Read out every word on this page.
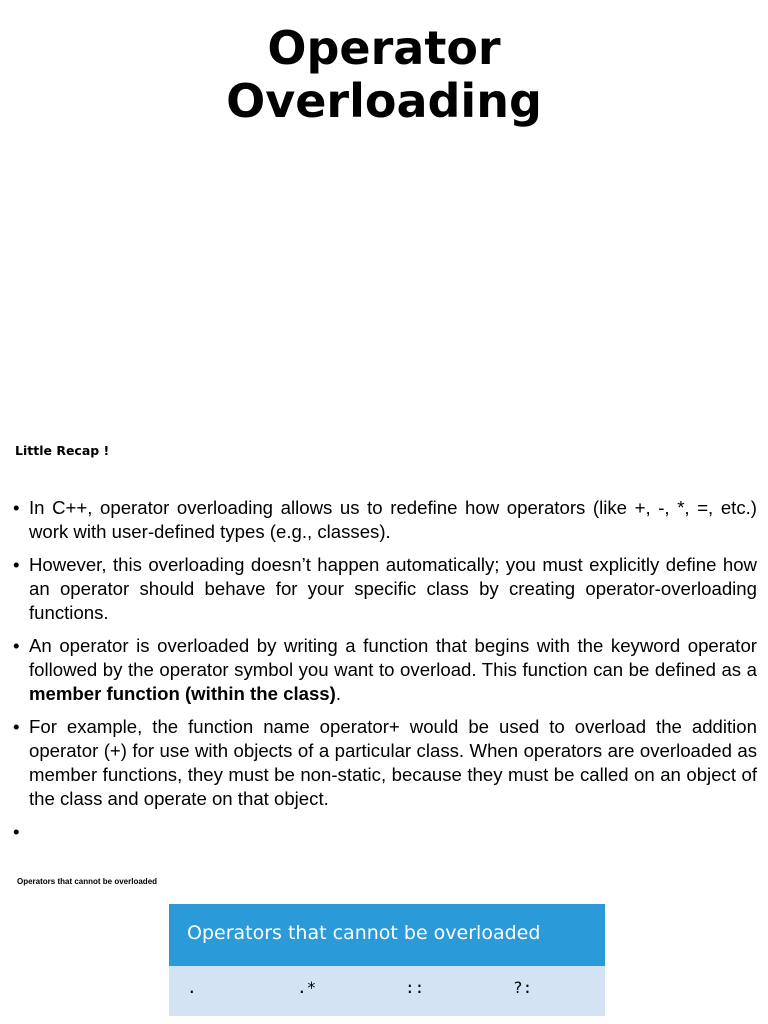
Operator
Overloading
Little Recap !
• In C++, operator overloading allows us to redefine how operators (like +, -, *, =, etc.) work with user-defined types (e.g., classes).
• However, this overloading doesn’t happen automatically; you must explicitly define how an operator should behave for your specific class by creating operator-overloading functions.
• An operator is overloaded by writing a function that begins with the keyword operator followed by the operator symbol you want to overload. This function can be defined as a member function (within the class).
• For example, the function name operator+ would be used to overload the addition operator (+) for use with objects of a particular class. When operators are overloaded as member functions, they must be non-static, because they must be called on an object of the class and operate on that object.
•
Operators that cannot be overloaded
Operators that cannot be overloaded
.	.*	::	?:
